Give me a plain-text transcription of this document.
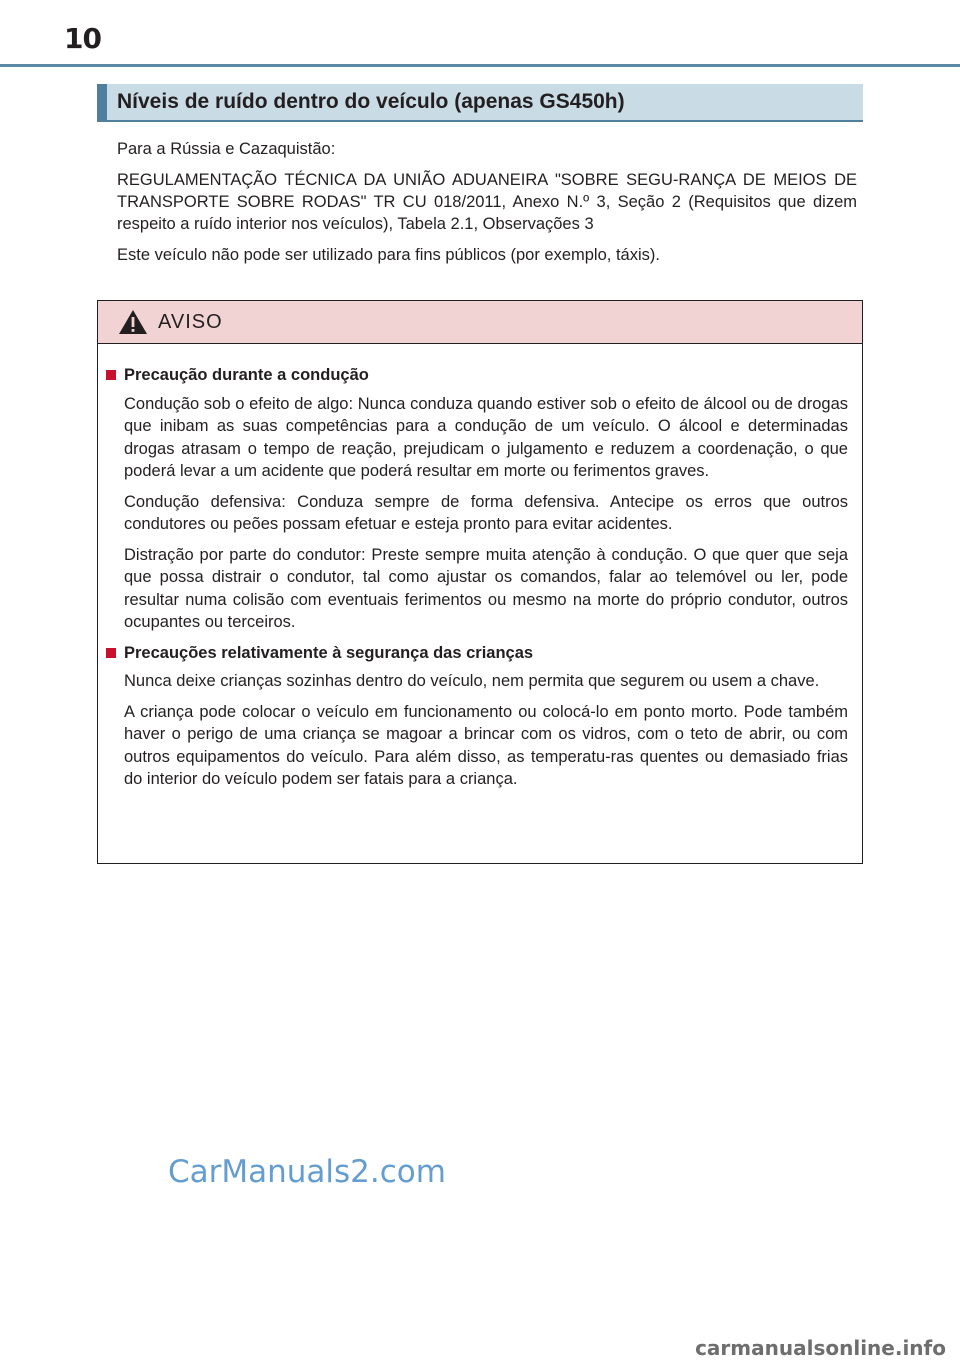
10
Níveis de ruído dentro do veículo (apenas GS450h)

Para a Rússia e Cazaquistão:

REGULAMENTAÇÃO TÉCNICA DA UNIÃO ADUANEIRA "SOBRE SEGU-RANÇA DE MEIOS DE TRANSPORTE SOBRE RODAS" TR CU 018/2011, Anexo N.º 3, Seção 2 (Requisitos que dizem respeito a ruído interior nos veículos), Tabela 2.1, Observações 3

Este veículo não pode ser utilizado para fins públicos (por exemplo, táxis).

AVISO
Precaução durante a condução

Condução sob o efeito de algo: Nunca conduza quando estiver sob o efeito de álcool ou de drogas que inibam as suas competências para a condução de um veículo. O álcool e determinadas drogas atrasam o tempo de reação, prejudicam o julgamento e reduzem a coordenação, o que poderá levar a um acidente que poderá resultar em morte ou ferimentos graves.

Condução defensiva: Conduza sempre de forma defensiva. Antecipe os erros que outros condutores ou peões possam efetuar e esteja pronto para evitar acidentes.

Distração por parte do condutor: Preste sempre muita atenção à condução. O que quer que seja que possa distrair o condutor, tal como ajustar os comandos, falar ao telemóvel ou ler, pode resultar numa colisão com eventuais ferimentos ou mesmo na morte do próprio condutor, outros ocupantes ou terceiros.

Precauções relativamente à segurança das crianças

Nunca deixe crianças sozinhas dentro do veículo, nem permita que segurem ou usem a chave.

A criança pode colocar o veículo em funcionamento ou colocá-lo em ponto morto. Pode também haver o perigo de uma criança se magoar a brincar com os vidros, com o teto de abrir, ou com outros equipamentos do veículo. Para além disso, as temperatu-ras quentes ou demasiado frias do interior do veículo podem ser fatais para a criança.

CarManuals2.com
carmanualsonline.info
